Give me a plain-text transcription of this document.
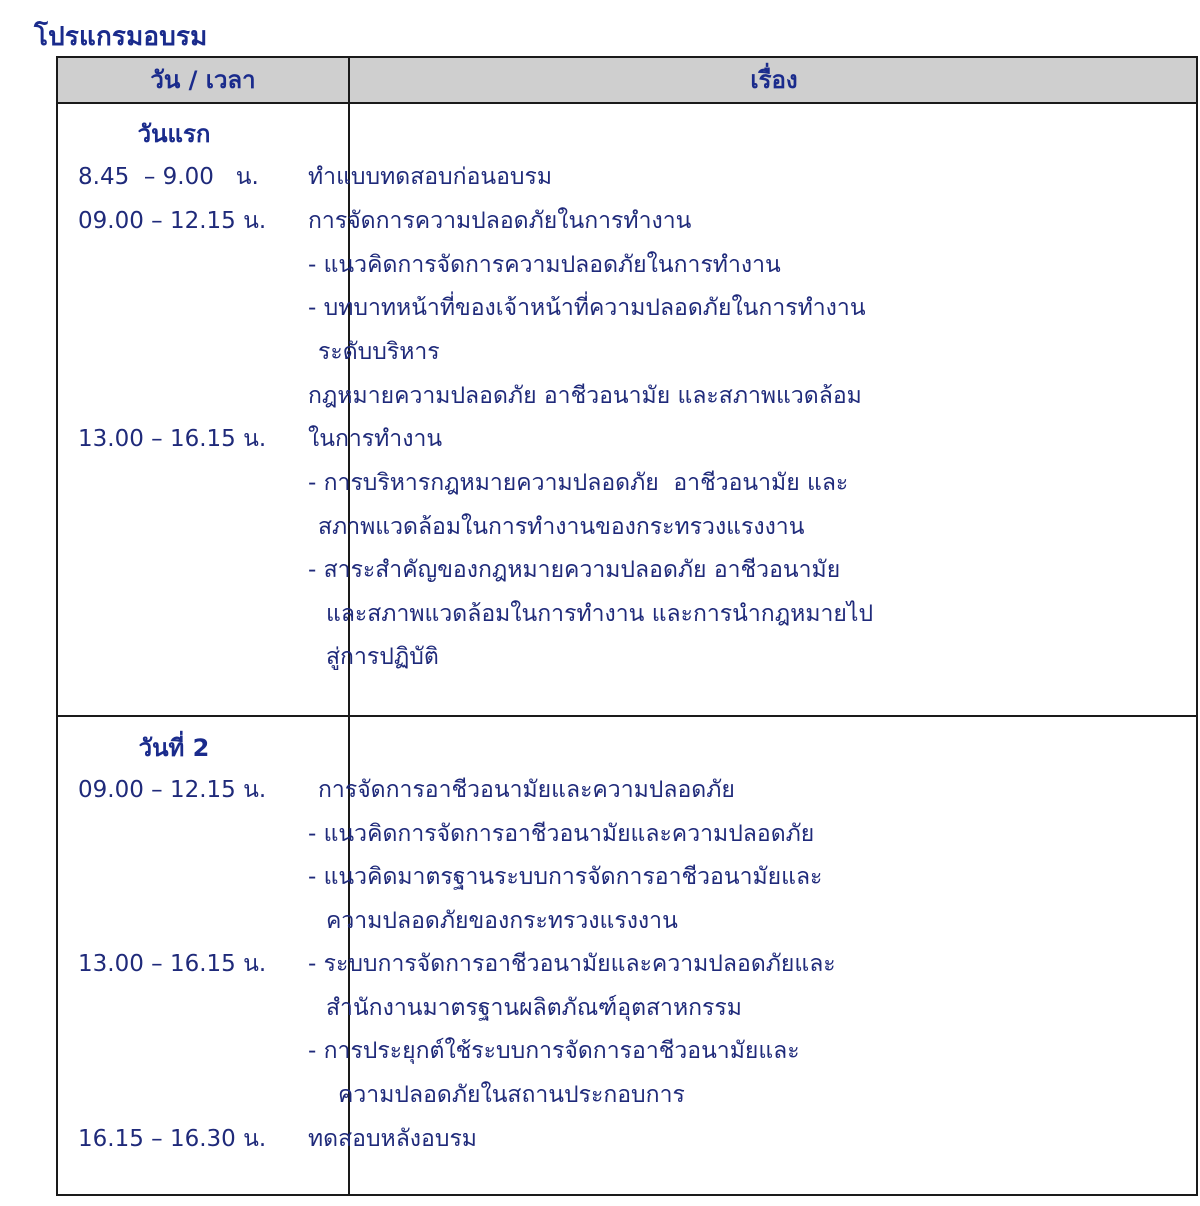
โปรแกรมอบรม
วัน / เวลา	เรื่อง
วันแรก
8.45  – 9.00   น.
09.00 – 12.15 น.
13.00 – 16.15 น.
ทำแบบทดสอบก่อนอบรม
การจัดการความปลอดภัยในการทำงาน
- แนวคิดการจัดการความปลอดภัยในการทำงาน
- บทบาทหน้าที่ของเจ้าหน้าที่ความปลอดภัยในการทำงาน
ระดับบริหาร
กฎหมายความปลอดภัย อาชีวอนามัย และสภาพแวดล้อม
ในการทำงาน
- การบริหารกฎหมายความปลอดภัย  อาชีวอนามัย และ
สภาพแวดล้อมในการทำงานของกระทรวงแรงงาน
- สาระสำคัญของกฎหมายความปลอดภัย อาชีวอนามัย
และสภาพแวดล้อมในการทำงาน และการนำกฎหมายไป
สู่การปฏิบัติ
วันที่ 2
09.00 – 12.15 น.
13.00 – 16.15 น.
16.15 – 16.30 น.
การจัดการอาชีวอนามัยและความปลอดภัย
- แนวคิดการจัดการอาชีวอนามัยและความปลอดภัย
- แนวคิดมาตรฐานระบบการจัดการอาชีวอนามัยและ
ความปลอดภัยของกระทรวงแรงงาน
- ระบบการจัดการอาชีวอนามัยและความปลอดภัยและ
สำนักงานมาตรฐานผลิตภัณฑ์อุตสาหกรรม
- การประยุกต์ใช้ระบบการจัดการอาชีวอนามัยและ
ความปลอดภัยในสถานประกอบการ
ทดสอบหลังอบรม
